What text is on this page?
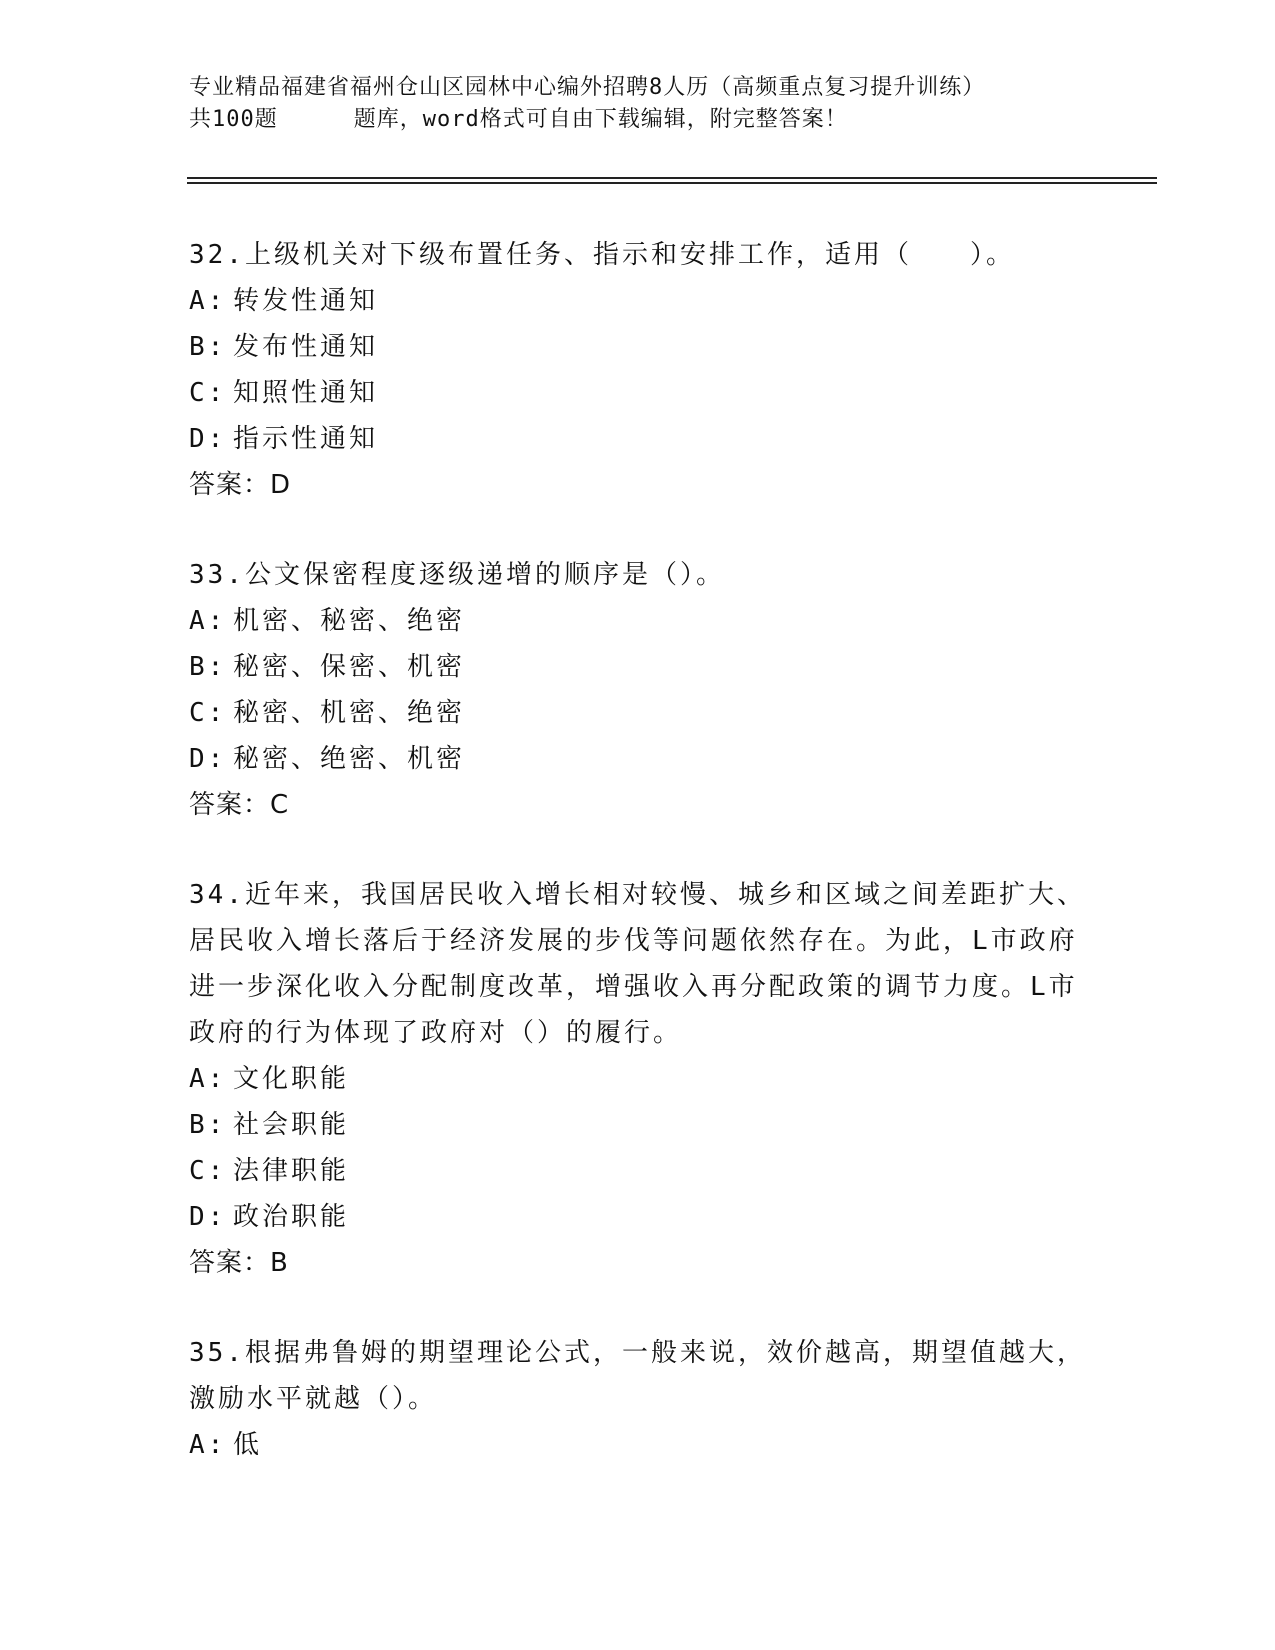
专业精品福建省福州仓山区园林中心编外招聘8人历（高频重点复习提升训练）
共100题	题库，word格式可自由下载编辑，附完整答案！

32.上级机关对下级布置任务、指示和安排工作，适用（　　）。

A: 转发性通知

B: 发布性通知

C: 知照性通知

D: 指示性通知

答案：D

33.公文保密程度逐级递增的顺序是（）。

A: 机密、秘密、绝密

B: 秘密、保密、机密

C: 秘密、机密、绝密

D: 秘密、绝密、机密

答案：C

34.近年来，我国居民收入增长相对较慢、城乡和区域之间差距扩大、居民收入增长落后于经济发展的步伐等问题依然存在。为此，L市政府进一步深化收入分配制度改革，增强收入再分配政策的调节力度。L市政府的行为体现了政府对（）的履行。

A: 文化职能

B: 社会职能

C: 法律职能

D: 政治职能

答案：B

35.根据弗鲁姆的期望理论公式，一般来说，效价越高，期望值越大，激励水平就越（）。

A: 低
